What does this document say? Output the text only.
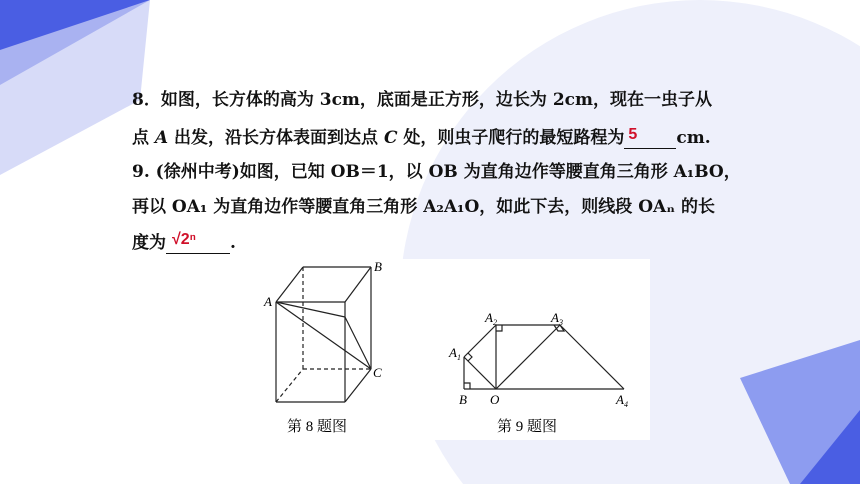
8．如图，长方体的高为 3cm，底面是正方形，边长为 2cm，现在一虫子从
点 A 出发，沿长方体表面到达点 C 处，则虫子爬行的最短路程为 5 cm.
9. (徐州中考)如图，已知 OB＝1，以 OB 为直角边作等腰直角三角形 A₁BO，
再以 OA₁ 为直角边作等腰直角三角形 A₂A₁O，如此下去，则线段 OAₙ 的长
度为 √2ⁿ .
A
B
C
第 8 题图
$A_1$
$A_2$	$A_3$
$A_4$
B O
第 9 题图
